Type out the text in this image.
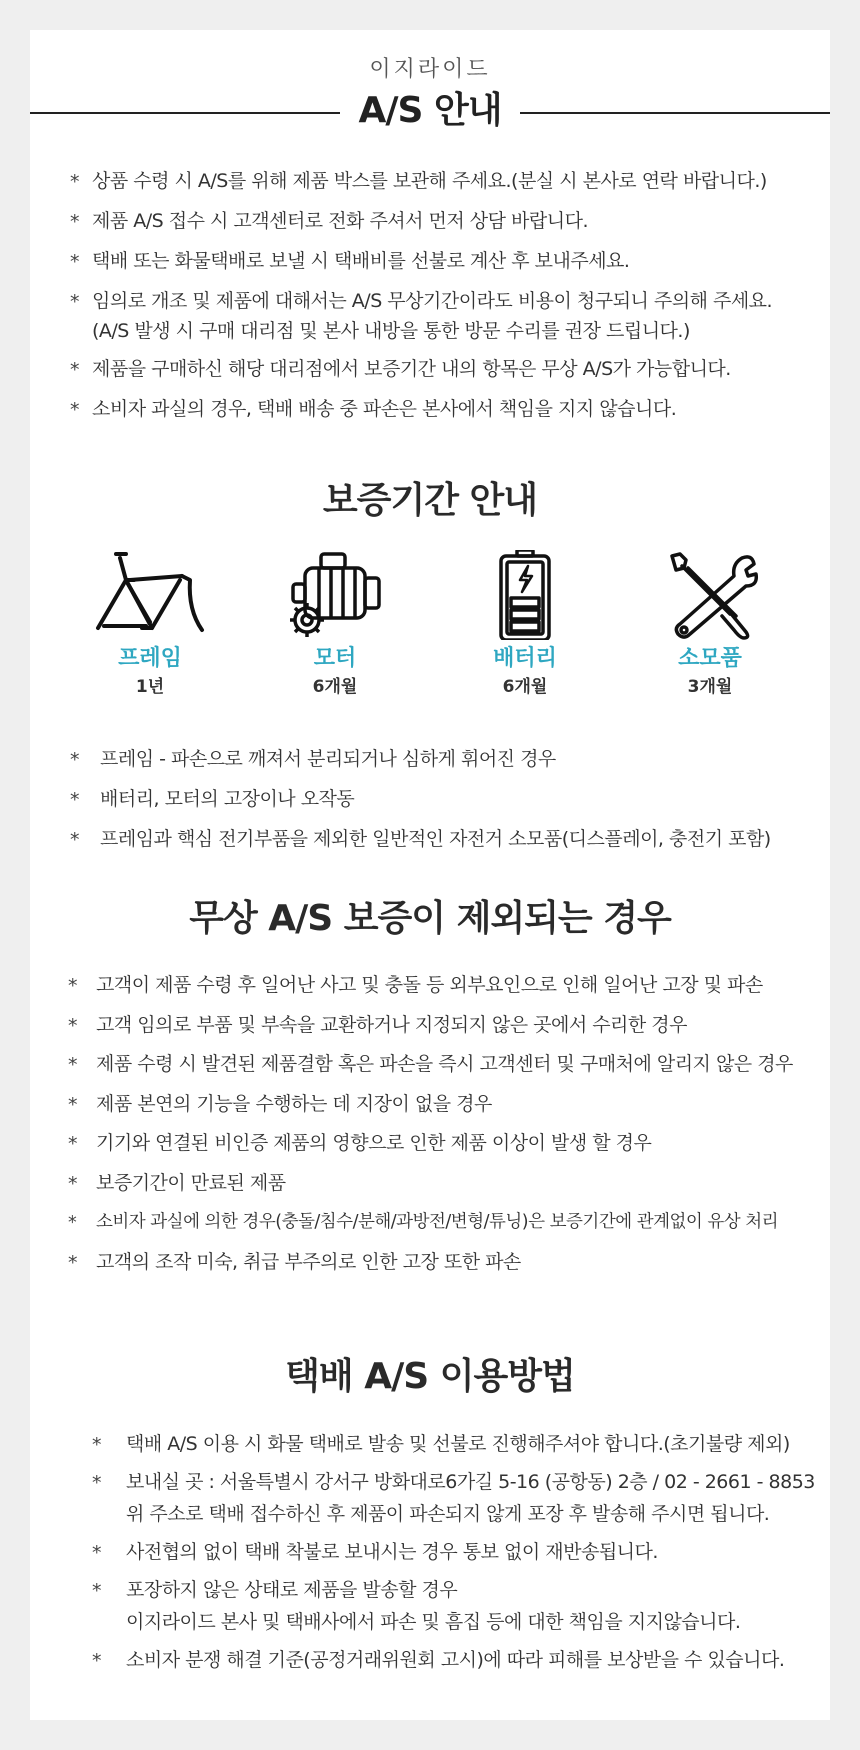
이지라이드
A/S 안내
* 상품 수령 시 A/S를 위해 제품 박스를 보관해 주세요.(분실 시 본사로 연락 바랍니다.)
* 제품 A/S 접수 시 고객센터로 전화 주셔서 먼저 상담 바랍니다.
* 택배 또는 화물택배로 보낼 시 택배비를 선불로 계산 후 보내주세요.
* 임의로 개조 및 제품에 대해서는 A/S 무상기간이라도 비용이 청구되니 주의해 주세요.
(A/S 발생 시 구매 대리점 및 본사 내방을 통한 방문 수리를 권장 드립니다.)
* 제품을 구매하신 해당 대리점에서 보증기간 내의 항목은 무상 A/S가 가능합니다.
* 소비자 과실의 경우, 택배 배송 중 파손은 본사에서 책임을 지지 않습니다.
보증기간 안내
프레임
1년
모터
6개월
배터리
6개월
소모품
3개월
* 프레임 - 파손으로 깨져서 분리되거나 심하게 휘어진 경우
* 배터리, 모터의 고장이나 오작동
* 프레임과 핵심 전기부품을 제외한 일반적인 자전거 소모품(디스플레이, 충전기 포함)
무상 A/S 보증이 제외되는 경우
* 고객이 제품 수령 후 일어난 사고 및 충돌 등 외부요인으로 인해 일어난 고장 및 파손
* 고객 임의로 부품 및 부속을 교환하거나 지정되지 않은 곳에서 수리한 경우
* 제품 수령 시 발견된 제품결함 혹은 파손을 즉시 고객센터 및 구매처에 알리지 않은 경우
* 제품 본연의 기능을 수행하는 데 지장이 없을 경우
* 기기와 연결된 비인증 제품의 영향으로 인한 제품 이상이 발생 할 경우
* 보증기간이 만료된 제품
* 소비자 과실에 의한 경우(충돌/침수/분해/과방전/변형/튜닝)은 보증기간에 관계없이 유상 처리
* 고객의 조작 미숙, 취급 부주의로 인한 고장 또한 파손
택배 A/S 이용방법
* 택배 A/S 이용 시 화물 택배로 발송 및 선불로 진행해주셔야 합니다.(초기불량 제외)
* 보내실 곳 : 서울특별시 강서구 방화대로6가길 5-16 (공항동) 2층 / 02 - 2661 - 8853
위 주소로 택배 접수하신 후 제품이 파손되지 않게 포장 후 발송해 주시면 됩니다.
* 사전협의 없이 택배 착불로 보내시는 경우 통보 없이 재반송됩니다.
* 포장하지 않은 상태로 제품을 발송할 경우
이지라이드 본사 및 택배사에서 파손 및 흠집 등에 대한 책임을 지지않습니다.
* 소비자 분쟁 해결 기준(공정거래위원회 고시)에 따라 피해를 보상받을 수 있습니다.
